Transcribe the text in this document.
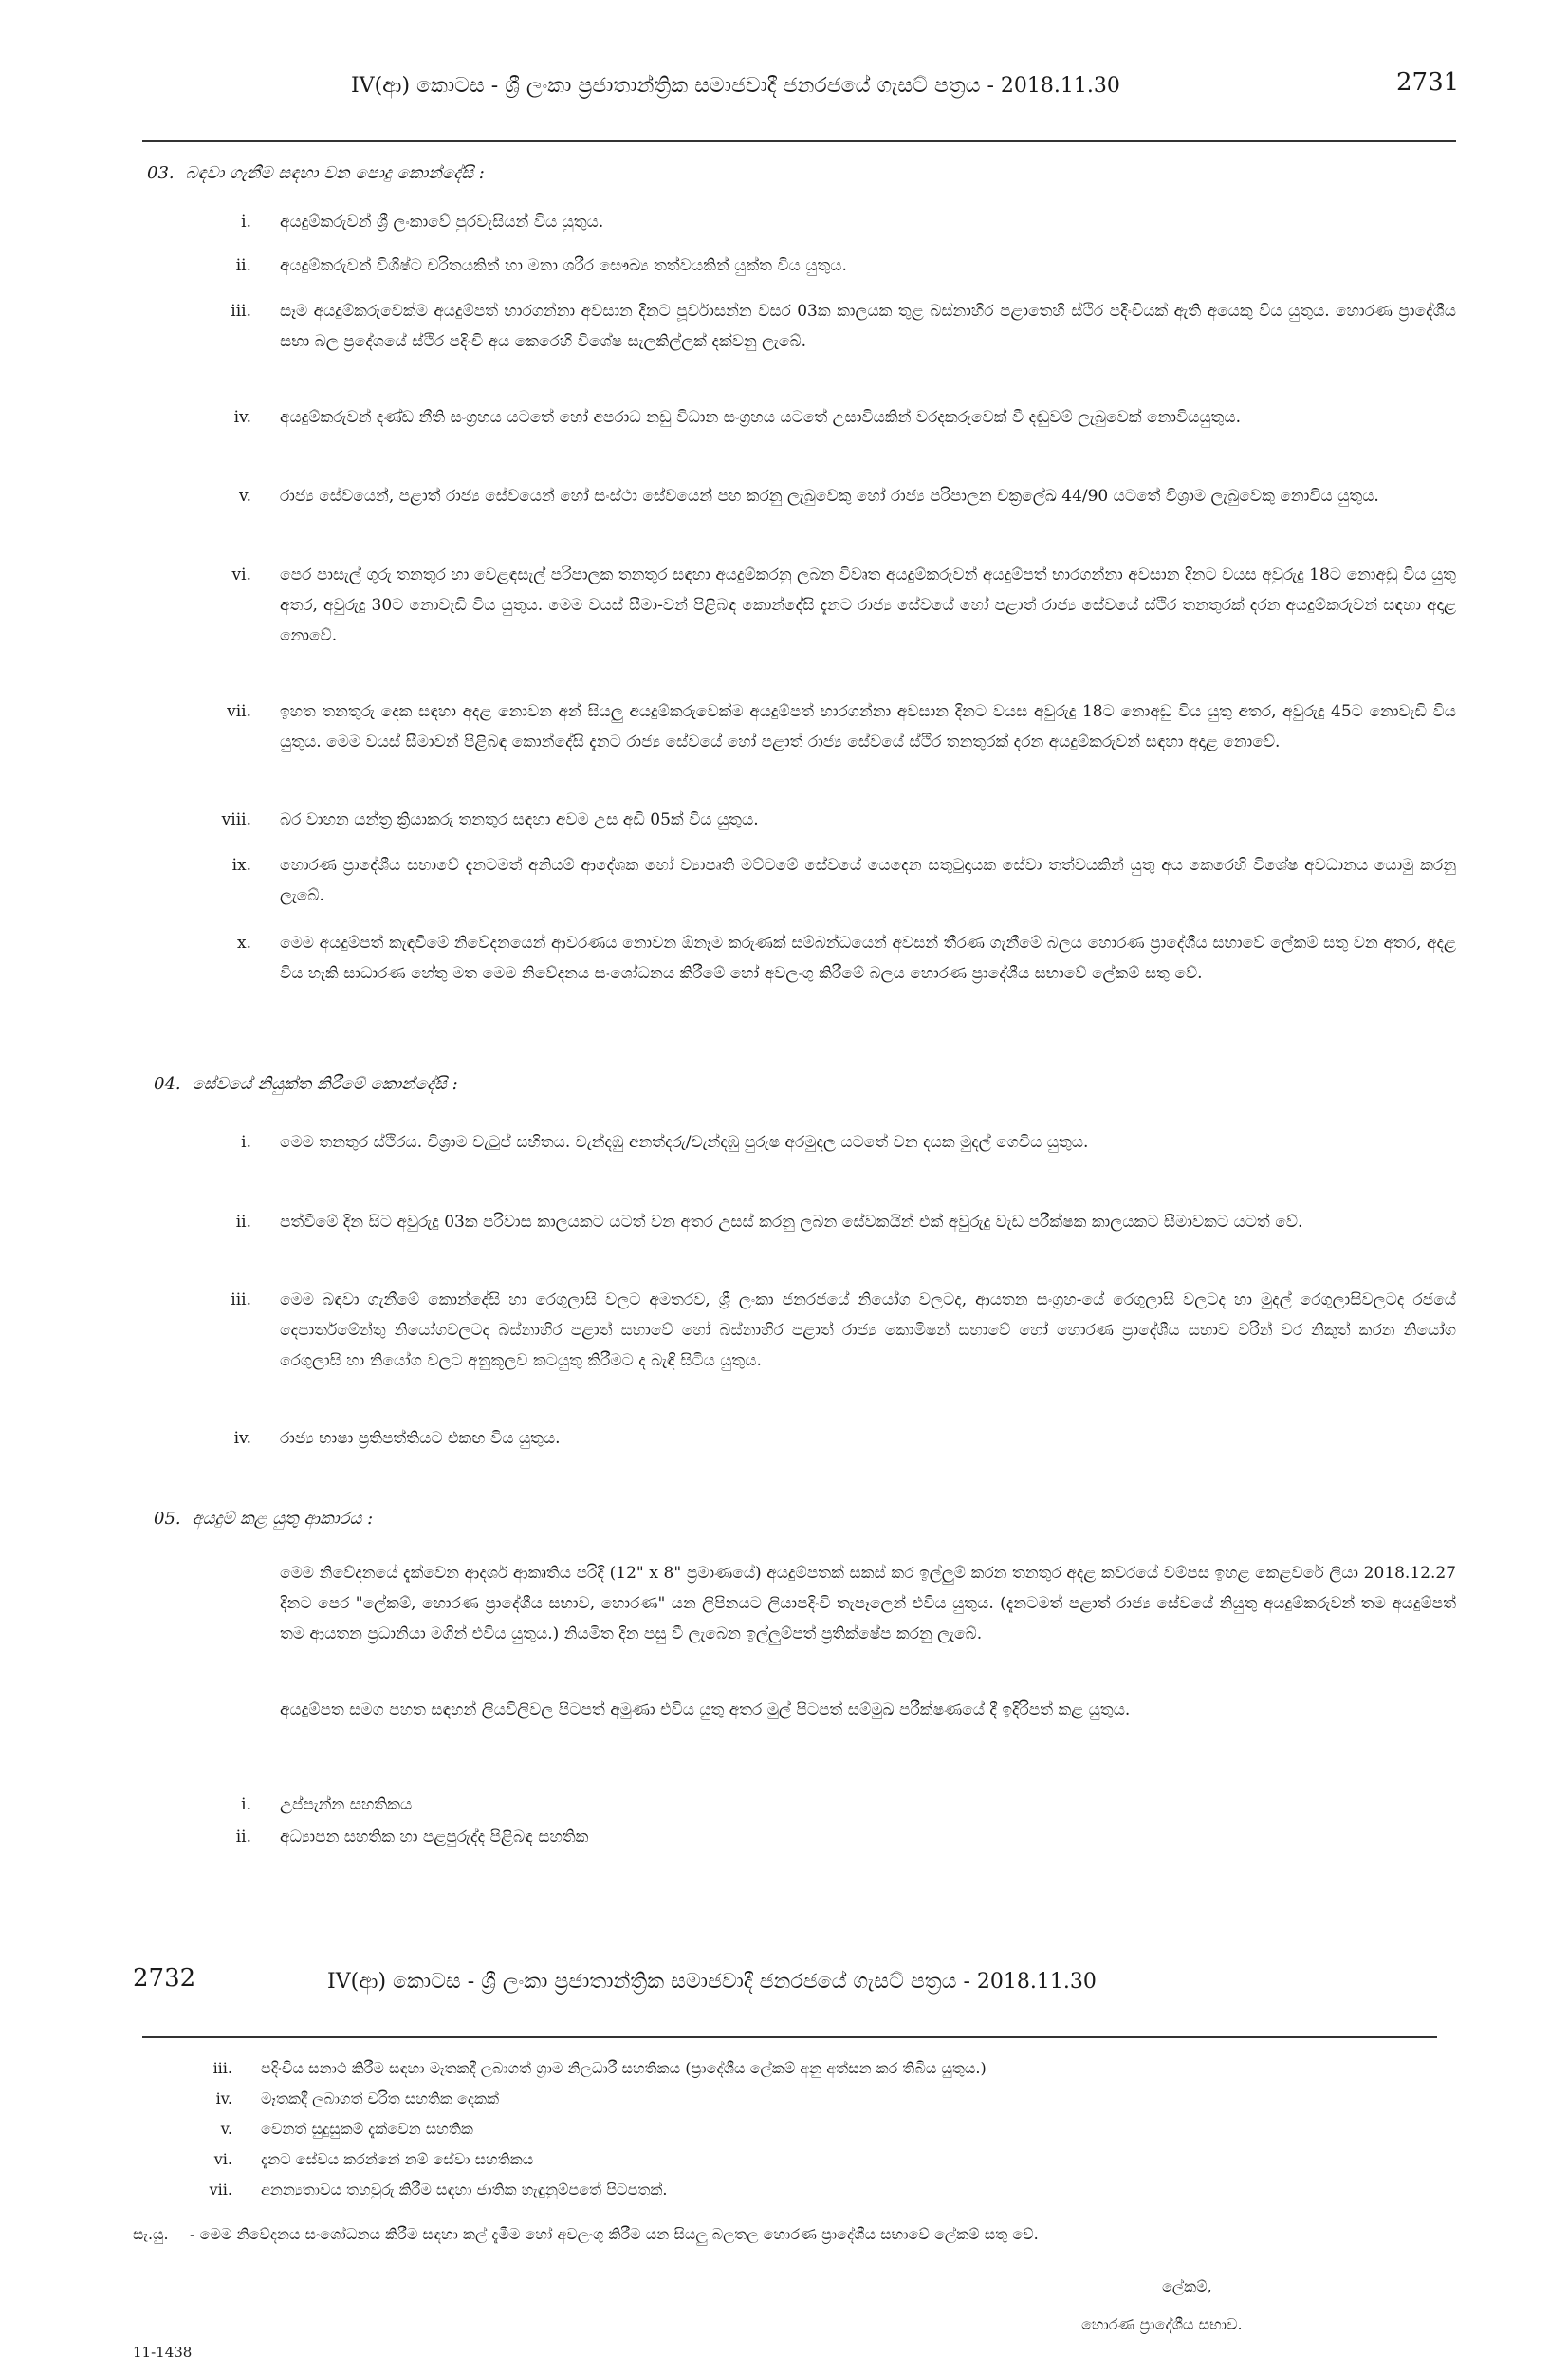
IV(ආ) කොටස - ශ්‍රී ලංකා ප්‍රජාතාන්ත්‍රික සමාජවාදී ජනරජයේ ගැසට් පත්‍රය - 2018.11.30	2731
03. බඳවා ගැනීම සඳහා වන පොදු කොන්දේසි :
i. අයදුම්කරුවන් ශ්‍රී ලංකාවේ පුරවැසියන් විය යුතුය.
ii. අයදුම්කරුවන් විශිෂ්ට චරිතයකින් හා මනා ශරීර සෞඛ්‍ය තත්වයකින් යුක්ත විය යුතුය.
iii. සෑම අයදුම්කරුවෙක්ම අයදුම්පත් භාරගන්නා අවසාන දිනට පූර්වාසන්න වසර 03ක කාලයක තුළ බස්නාහිර පළාතෙහි ස්ථිර පදිංචියක් ඇති අයෙකු විය යුතුය. හොරණ ප්‍රාදේශීය සභා බල ප්‍රදේශයේ ස්ථිර පදිංචි අය කෙරෙහි විශේෂ සැලකිල්ලක් දක්වනු ලැබේ.
iv. අයදුම්කරුවන් දණ්ඩ නීති සංග්‍රහය යටතේ හෝ අපරාධ නඩු විධාන සංග්‍රහය යටතේ උසාවියකින් වරදකරුවෙක් වී දඬුවම් ලැබුවෙක් නොවියයුතුය.
v. රාජ්‍ය සේවයෙන්, පළාත් රාජ්‍ය සේවයෙන් හෝ සංස්ථා සේවයෙන් පහ කරනු ලැබුවෙකු හෝ රාජ්‍ය පරිපාලන චක්‍රලේඛ 44/90 යටතේ විශ්‍රාම ලැබුවෙකු නොවිය යුතුය.
vi. පෙර පාසැල් ගුරු තනතුර හා වෙළඳසැල් පරිපාලක තනතුර සඳහා අයදුම්කරනු ලබන විවෘත අයදුම්කරුවන් අයදුම්පත් භාරගන්නා අවසාන දිනට වයස අවුරුදු 18ට නොඅඩු විය යුතු අතර, අවුරුදු 30ට නොවැඩි විය යුතුය. මෙම වයස් සීමා-වන් පිළිබඳ කොන්දේසි දැනට රාජ්‍ය සේවයේ හෝ පළාත් රාජ්‍ය සේවයේ ස්ථිර තනතුරක් දරන අයදුම්කරුවන් සඳහා අදාළ නොවේ.
vii. ඉහත තනතුරු දෙක සඳහා අදළ නොවන අන් සියලු අයදුම්කරුවෙක්ම අයදුම්පත් භාරගන්නා අවසාන දිනට වයස අවුරුදු 18ට නොඅඩු විය යුතු අතර, අවුරුදු 45ට නොවැඩි විය යුතුය. මෙම වයස් සීමාවන් පිළිබඳ කොන්දේසි දැනට රාජ්‍ය සේවයේ හෝ පළාත් රාජ්‍ය සේවයේ ස්ථිර තනතුරක් දරන අයදුම්කරුවන් සඳහා අදාළ නොවේ.
viii. බර වාහන යන්ත්‍ර ක්‍රියාකරු තනතුර සඳහා අවම උස අඩි 05ක් විය යුතුය.
ix. හොරණ ප්‍රාදේශීය සභාවේ දැනටමත් අනියම් ආදේශක හෝ ව්‍යාපෘති මට්ටමේ සේවයේ යෙදෙන සතුටුදායක සේවා තත්වයකින් යුතු අය කෙරෙහි විශේෂ අවධානය යොමු කරනු ලැබේ.
x. මෙම අයදුම්පත් කැඳවීමේ නිවේදනයෙන් ආවරණය නොවන ඕනෑම කරුණක් සම්බන්ධයෙන් අවසන් තීරණ ගැනීමේ බලය හොරණ ප්‍රාදේශීය සභාවේ ලේකම් සතු වන අතර, අදළ විය හැකි සාධාරණ හේතු මත මෙම නිවේදනය සංශෝධනය කිරීමේ හෝ අවලංගු කිරීමේ බලය හොරණ ප්‍රාදේශීය සභාවේ ලේකම් සතු වේ.
04. සේවයේ නියුක්ත කිරීමේ කොන්දේසි :
i. මෙම තනතුර ස්ථිරය. විශ්‍රාම වැටුප් සහිතය. වැන්දඹු අනත්දරු/වැන්දඹු පුරුෂ අරමුදල යටතේ වන දයක මුදල් ගෙවිය යුතුය.
ii. පත්වීමේ දින සිට අවුරුදු 03ක පරිවාස කාලයකට යටත් වන අතර උසස් කරනු ලබන සේවකයින් එක් අවුරුදු වැඩ පරීක්ෂක කාලයකට සීමාවකට යටත් වේ.
iii. මෙම බඳවා ගැනීමේ කොන්දේසි හා රෙගුලාසි වලට අමතරව, ශ්‍රී ලංකා ජනරජයේ නියෝග වලටද, ආයතන සංග්‍රහ-යේ රෙගුලාසි වලටද හා මුදල් රෙගුලාසිවලටද රජයේ දෙපාර්තමේන්තු නියෝගවලටද බස්නාහිර පළාත් සභාවේ හෝ බස්නාහිර පළාත් රාජ්‍ය කොමිෂන් සභාවේ හෝ හොරණ ප්‍රාදේශීය සභාව වරින් වර නිකුත් කරන නියෝග රෙගුලාසි හා නියෝග වලට අනුකූලව කටයුතු කිරීමට ද බැඳී සිටිය යුතුය.
iv. රාජ්‍ය භාෂා ප්‍රතිපත්තියට එකඟ විය යුතුය.
05. අයදුම් කළ යුතු ආකාරය :
මෙම නිවේදනයේ දැක්වෙන ආදර්ශ ආකෘතිය පරිදි (12" x 8" ප්‍රමාණයේ) අයදුම්පතක් සකස් කර ඉල්ලුම් කරන තනතුර අදළ කවරයේ වම්පස ඉහළ කෙළවරේ ලියා 2018.12.27 දිනට පෙර "ලේකම්, හොරණ ප්‍රාදේශීය සභාව, හොරණ" යන ලිපිනයට ලියාපදිංචි තැපෑලෙන් එවිය යුතුය. (දැනටමත් පළාත් රාජ්‍ය සේවයේ නියුතු අයදුම්කරුවන් තම අයදුම්පත් තම ආයතන ප්‍රධානියා මගින් එවිය යුතුය.) නියමිත දින පසු වී ලැබෙන ඉල්ලුම්පත් ප්‍රතික්ෂේප කරනු ලැබේ.
අයදුම්පත සමග පහත සඳහන් ලියවිලිවල පිටපත් අමුණා එවිය යුතු අතර මුල් පිටපත් සම්මුඛ පරීක්ෂණයේ දී ඉදිරිපත් කළ යුතුය.
i. උප්පැන්න සහතිකය
ii. අධ්‍යාපන සහතික හා පළපුරුද්ද පිළිබඳ සහතික
2732	IV(ආ) කොටස - ශ්‍රී ලංකා ප්‍රජාතාන්ත්‍රික සමාජවාදී ජනරජයේ ගැසට් පත්‍රය - 2018.11.30
iii. පදිංචිය සනාථ කිරීම සඳහා මෑතකදී ලබාගත් ග්‍රාම නිලධාරී සහතිකය (ප්‍රාදේශීය ලේකම් අනු අත්සන කර තිබිය යුතුය.)
iv. මෑතකදී ලබාගත් චරිත සහතික දෙකක්
v. වෙනත් සුදුසුකම් දැක්වෙන සහතික
vi. දැනට සේවය කරන්නේ නම් සේවා සහතිකය
vii. අනන්‍යතාවය තහවුරු කිරීම සඳහා ජාතික හැඳුනුම්පතේ පිටපතක්.
සැ.යු. - මෙම නිවේදනය සංශෝධනය කිරීම සඳහා කල් දැමීම හෝ අවලංගු කිරීම යන සියලු බලතල හොරණ ප්‍රාදේශීය සභාවේ ලේකම් සතු වේ.
ලේකම්,
හොරණ ප්‍රාදේශීය සභාව.
11-1438
